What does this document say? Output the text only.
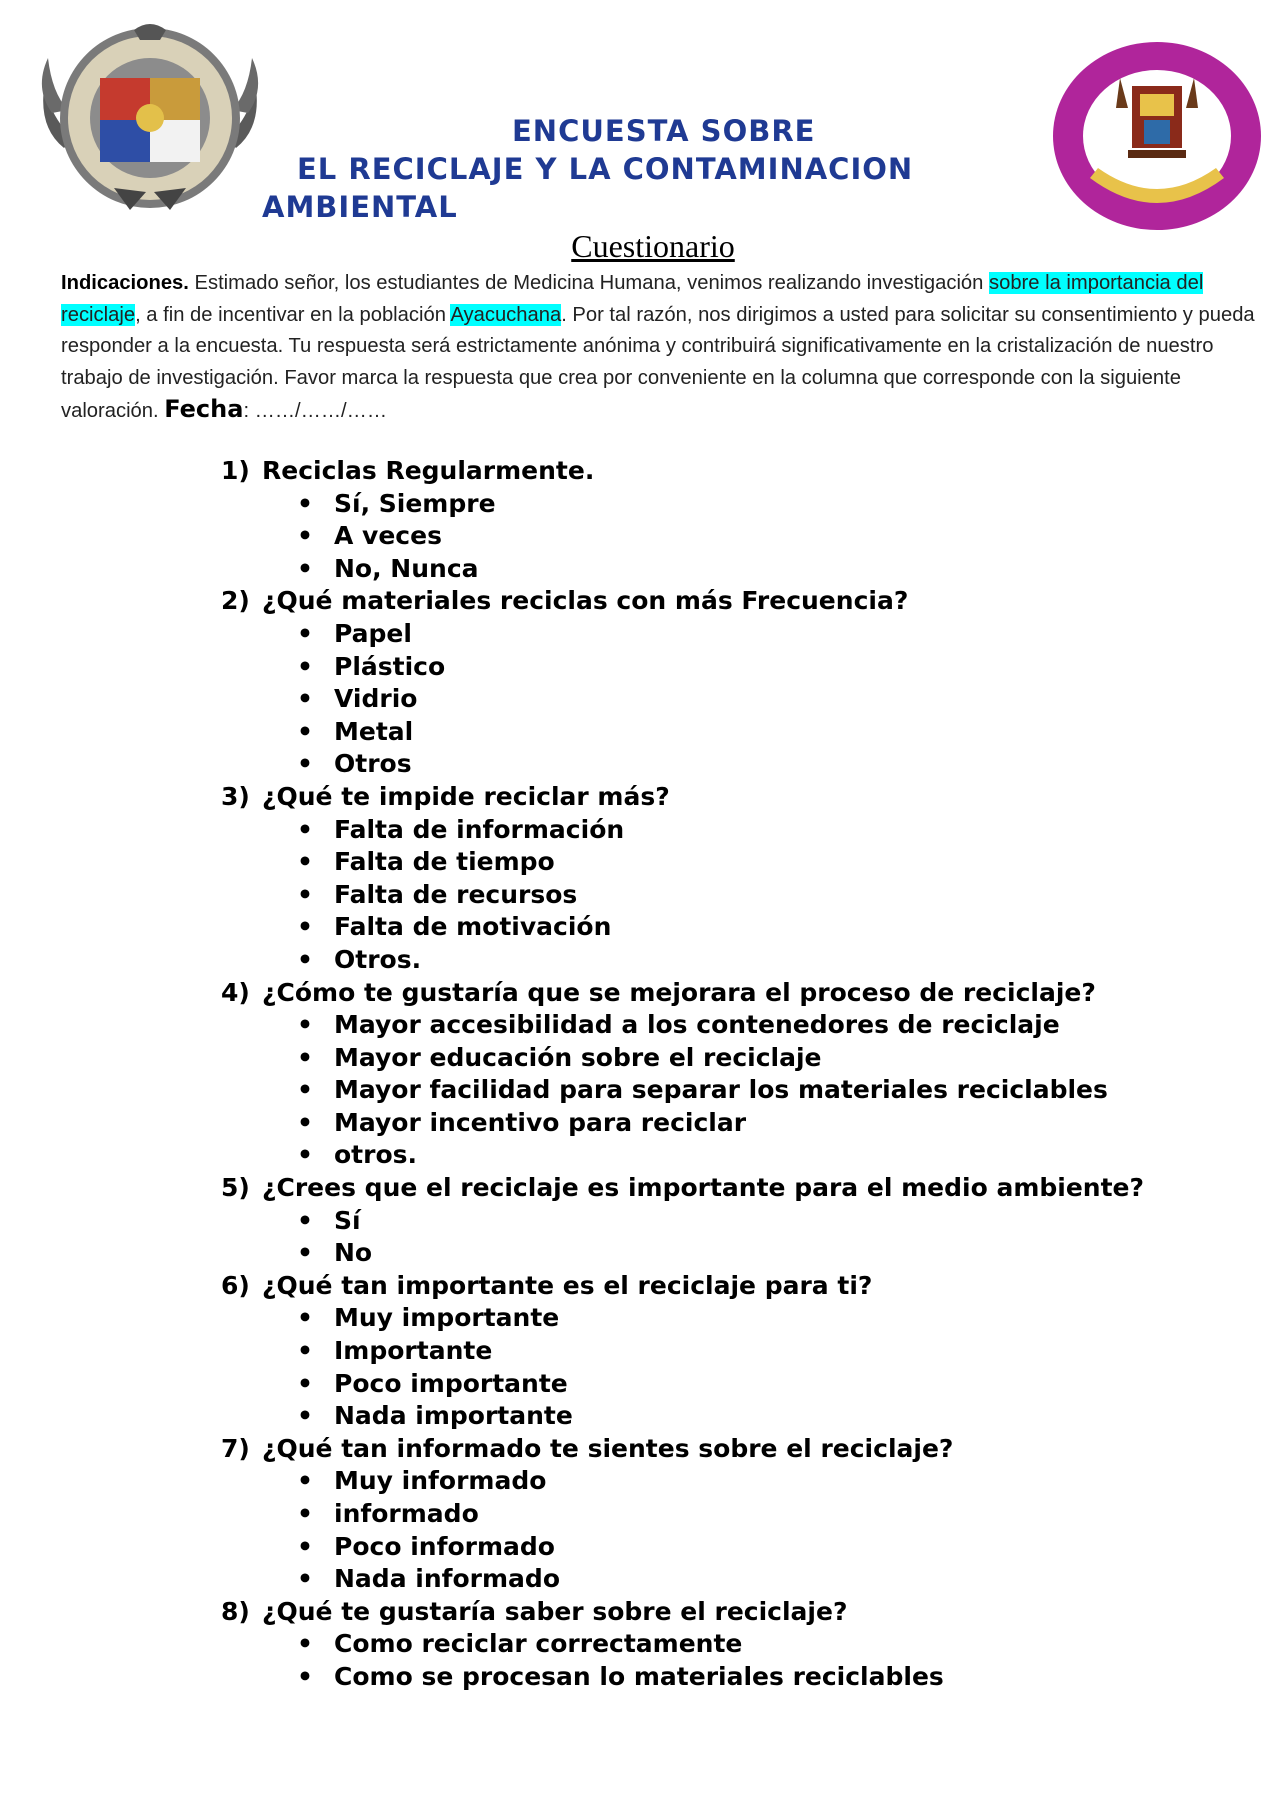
ENCUESTA SOBRE
EL RECICLAJE Y LA CONTAMINACION
AMBIENTAL
Cuestionario
Indicaciones. Estimado señor, los estudiantes de Medicina Humana, venimos realizando investigación sobre la importancia del reciclaje, a fin de incentivar en la población Ayacuchana. Por tal razón, nos dirigimos a usted para solicitar su consentimiento y pueda responder a la encuesta. Tu respuesta será estrictamente anónima y contribuirá significativamente en la cristalización de nuestro trabajo de investigación. Favor marca la respuesta que crea por conveniente en la columna que corresponde con la siguiente valoración. Fecha: ……/……/……
1) Reciclas Regularmente.
• Sí, Siempre
• A veces
• No, Nunca
2) ¿Qué materiales reciclas con más Frecuencia?
• Papel
• Plástico
• Vidrio
• Metal
• Otros
3) ¿Qué te impide reciclar más?
• Falta de información
• Falta de tiempo
• Falta de recursos
• Falta de motivación
• Otros.
4) ¿Cómo te gustaría que se mejorara el proceso de reciclaje?
• Mayor accesibilidad a los contenedores de reciclaje
• Mayor educación sobre el reciclaje
• Mayor facilidad para separar los materiales reciclables
• Mayor incentivo para reciclar
• otros.
5) ¿Crees que el reciclaje es importante para el medio ambiente?
• Sí
• No
6) ¿Qué tan importante es el reciclaje para ti?
• Muy importante
• Importante
• Poco importante
• Nada importante
7) ¿Qué tan informado te sientes sobre el reciclaje?
• Muy informado
• informado
• Poco informado
• Nada informado
8) ¿Qué te gustaría saber sobre el reciclaje?
• Como reciclar correctamente
• Como se procesan lo materiales reciclables
